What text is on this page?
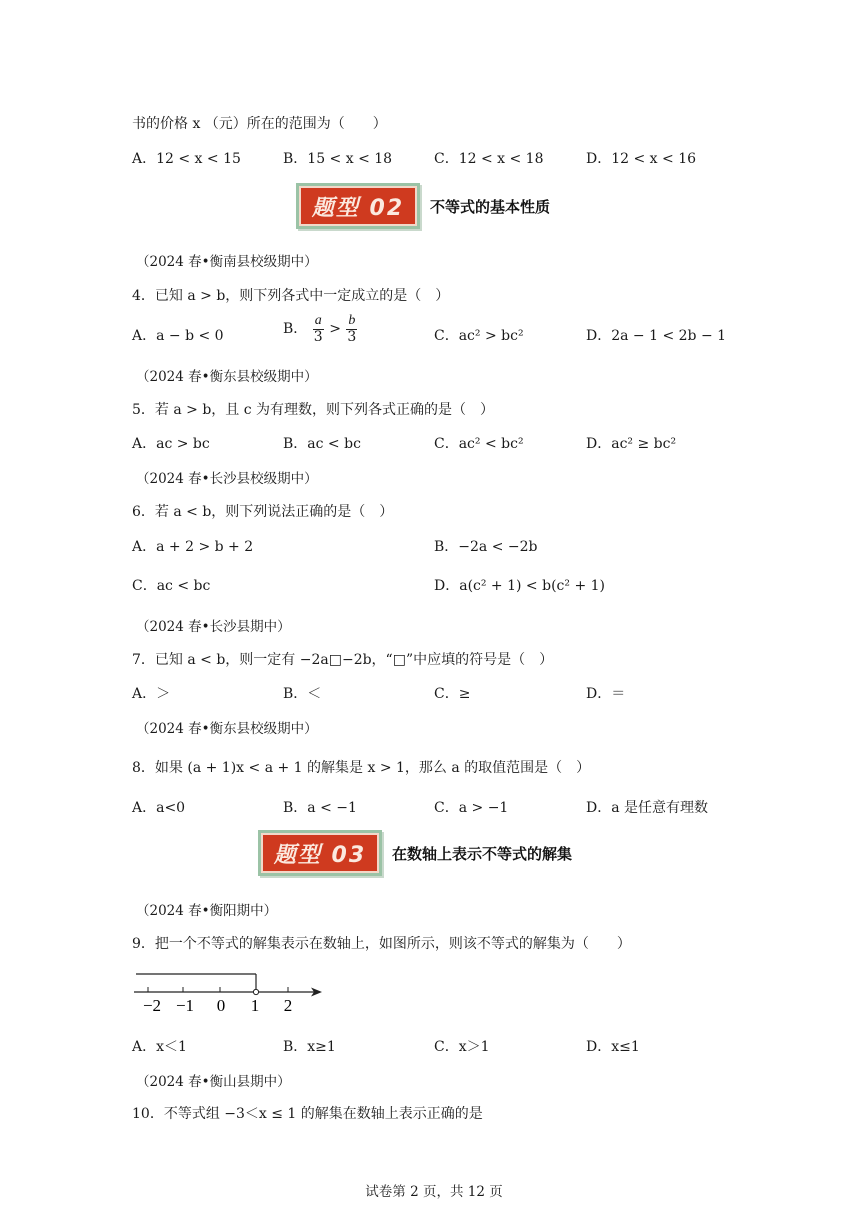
书的价格 x （元）所在的范围为（　　）
A．12 < x < 15	B．15 < x < 18	C．12 < x < 18	D．12 < x < 16
题型 02	不等式的基本性质
（2024 春•衡南县校级期中）
4．已知 a > b，则下列各式中一定成立的是（　）
A．a − b < 0	B． $\frac{a}{3} > \frac{b}{3}$	C．ac² > bc²	D．2a − 1 < 2b − 1
（2024 春•衡东县校级期中）
5．若 a > b，且 c 为有理数，则下列各式正确的是（　）
A．ac > bc	B．ac < bc	C．ac² < bc²	D．ac² ≥ bc²
（2024 春•长沙县校级期中）
6．若 a < b，则下列说法正确的是（　）
A．a + 2 > b + 2	B．−2a < −2b
C．ac < bc	D．a(c² + 1) < b(c² + 1)
（2024 春•长沙县期中）
7．已知 a < b，则一定有 −2a□−2b，“□”中应填的符号是（　）
A．＞	B．＜	C．≥	D．＝
（2024 春•衡东县校级期中）
8．如果 (a + 1)x < a + 1 的解集是 x > 1，那么 a 的取值范围是（　）
A．a<0	B．a < −1	C．a > −1	D．a 是任意有理数
题型 03	在数轴上表示不等式的解集
（2024 春•衡阳期中）
9．把一个不等式的解集表示在数轴上，如图所示，则该不等式的解集为（　　）
−2 −1 0 1 2
A．x＜1	B．x≥1	C．x＞1	D．x≤1
（2024 春•衡山县期中）
10．不等式组 −3＜x ≤ 1 的解集在数轴上表示正确的是
试卷第 2 页，共 12 页
